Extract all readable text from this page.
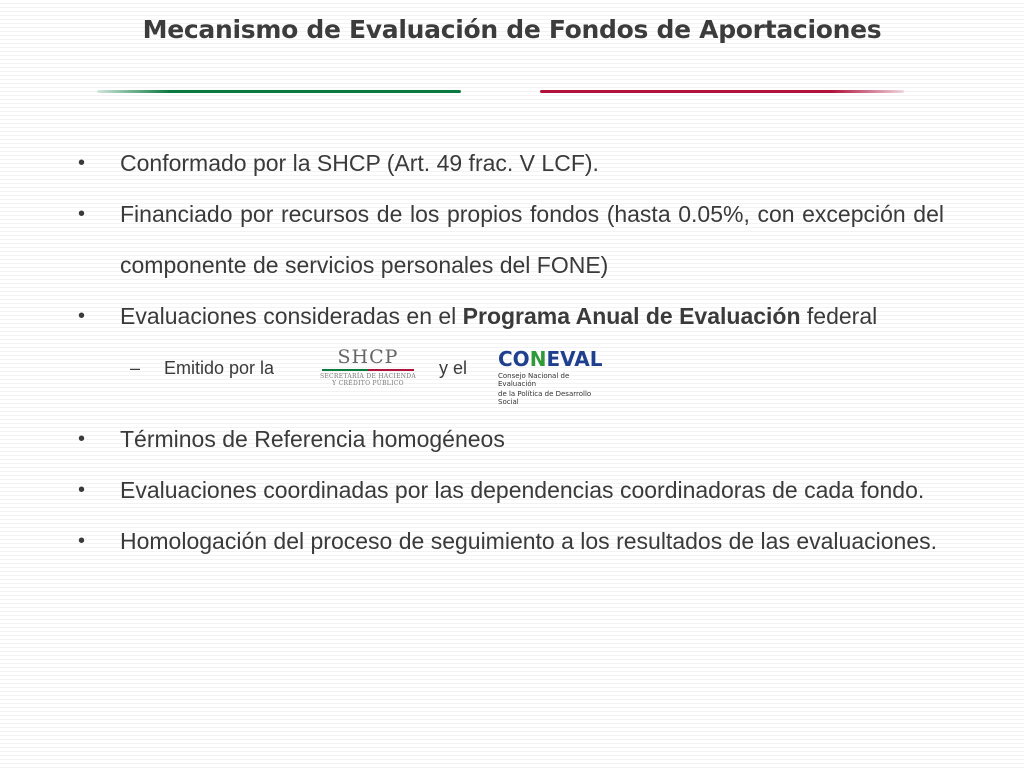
Mecanismo de Evaluación de Fondos de Aportaciones
• Conformado por la SHCP (Art. 49 frac. V LCF).
• Financiado por recursos de los propios fondos (hasta 0.05%, con excepción del componente de servicios personales del FONE)
• Evaluaciones consideradas en el Programa Anual de Evaluación federal
– Emitido por la	SHCP
SECRETARÍA DE HACIENDA
Y CRÉDITO PÚBLICO
y el CONEVAL
Consejo Nacional de Evaluación
de la Política de Desarrollo Social
• Términos de Referencia homogéneos
• Evaluaciones coordinadas por las dependencias coordinadoras de cada fondo.
• Homologación del proceso de seguimiento a los resultados de las evaluaciones.
